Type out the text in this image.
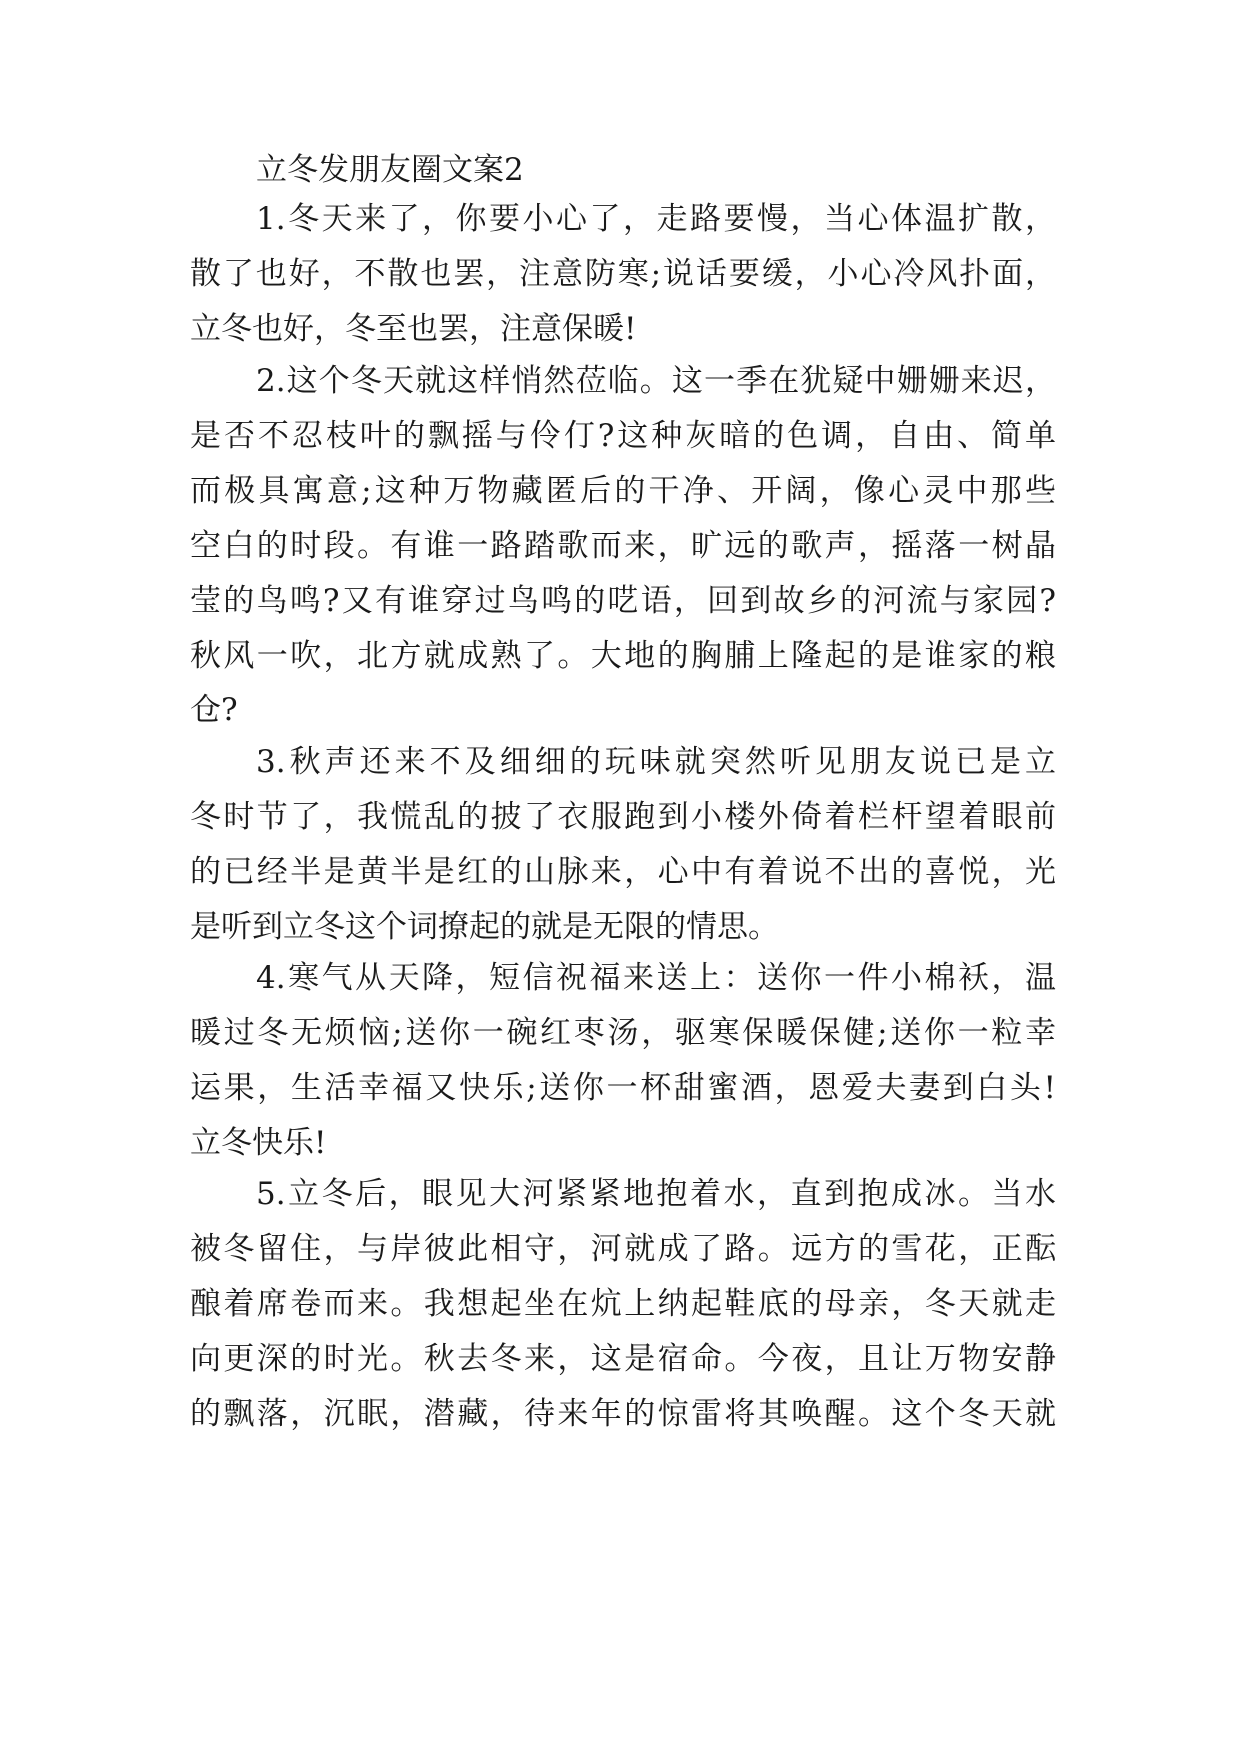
立冬发朋友圈文案2
1.冬天来了，你要小心了，走路要慢，当心体温扩散，
散了也好，不散也罢，注意防寒;说话要缓，小心冷风扑面，
立冬也好，冬至也罢，注意保暖!
2.这个冬天就这样悄然莅临。这一季在犹疑中姗姗来迟，
是否不忍枝叶的飘摇与伶仃?这种灰暗的色调，自由、简单
而极具寓意;这种万物藏匿后的干净、开阔，像心灵中那些
空白的时段。有谁一路踏歌而来，旷远的歌声，摇落一树晶
莹的鸟鸣?又有谁穿过鸟鸣的呓语，回到故乡的河流与家园?
秋风一吹，北方就成熟了。大地的胸脯上隆起的是谁家的粮
仓?
3.秋声还来不及细细的玩味就突然听见朋友说已是立
冬时节了，我慌乱的披了衣服跑到小楼外倚着栏杆望着眼前
的已经半是黄半是红的山脉来，心中有着说不出的喜悦，光
是听到立冬这个词撩起的就是无限的情思。
4.寒气从天降，短信祝福来送上：送你一件小棉袄，温
暖过冬无烦恼;送你一碗红枣汤，驱寒保暖保健;送你一粒幸
运果，生活幸福又快乐;送你一杯甜蜜酒，恩爱夫妻到白头!
立冬快乐!
5.立冬后，眼见大河紧紧地抱着水，直到抱成冰。当水
被冬留住，与岸彼此相守，河就成了路。远方的雪花，正酝
酿着席卷而来。我想起坐在炕上纳起鞋底的母亲，冬天就走
向更深的时光。秋去冬来，这是宿命。今夜，且让万物安静
的飘落，沉眠，潜藏，待来年的惊雷将其唤醒。这个冬天就
